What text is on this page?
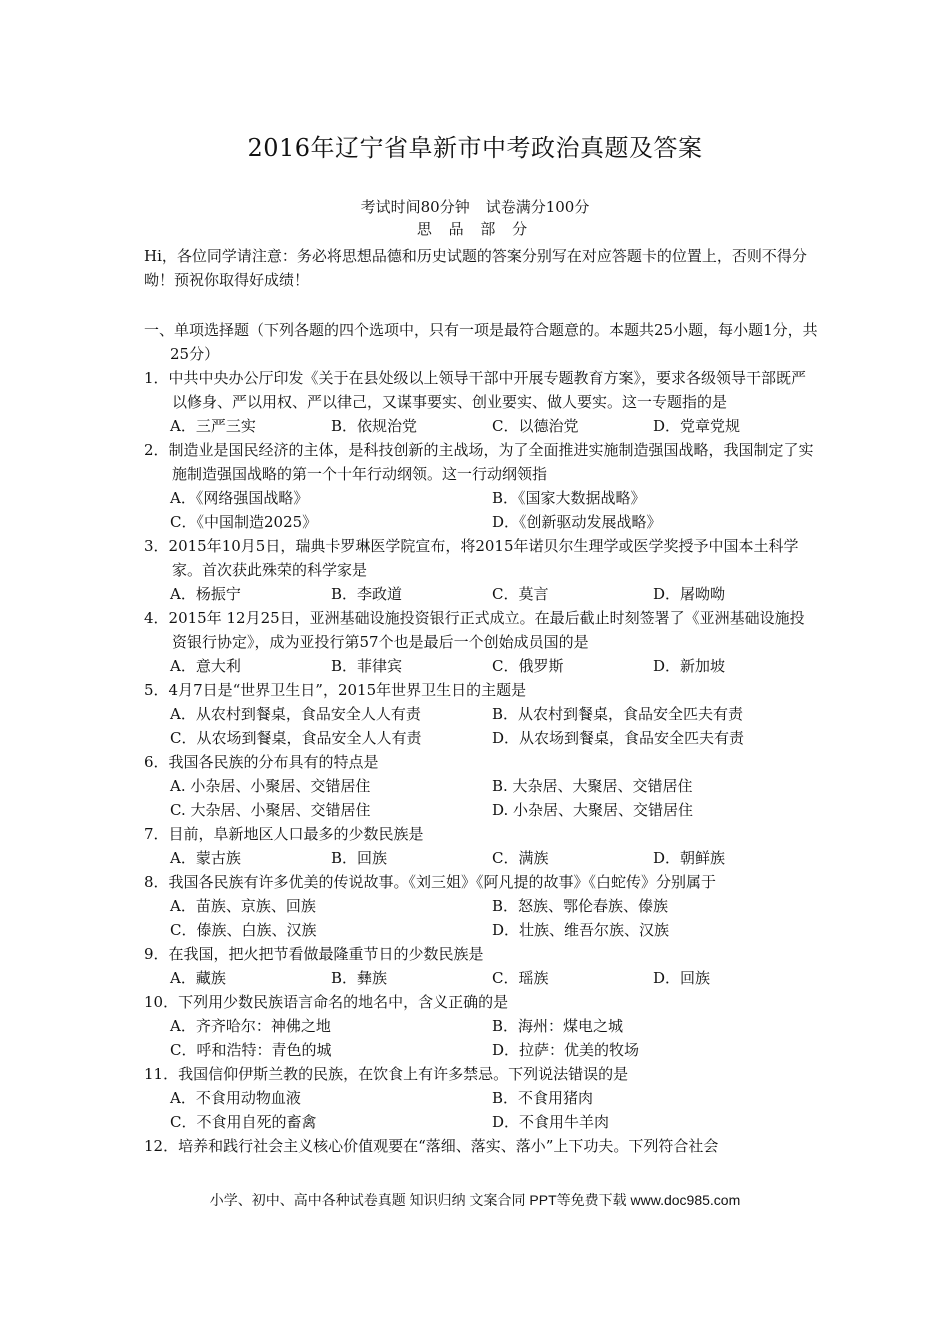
2016年辽宁省阜新市中考政治真题及答案
考试时间80分钟 试卷满分100分
思 品 部 分
Hi，各位同学请注意：务必将思想品德和历史试题的答案分别写在对应答题卡的位置上，否则不得分呦！预祝你取得好成绩！
一、单项选择题（下列各题的四个选项中，只有一项是最符合题意的。本题共25小题，每小题1分，共25分）
1．中共中央办公厅印发《关于在县处级以上领导干部中开展专题教育方案》，要求各级领导干部既严以修身、严以用权、严以律己，又谋事要实、创业要实、做人要实。这一专题指的是
A．三严三实	B．依规治党	C．以德治党	D．党章党规
2．制造业是国民经济的主体，是科技创新的主战场，为了全面推进实施制造强国战略，我国制定了实施制造强国战略的第一个十年行动纲领。这一行动纲领指
A．《网络强国战略》	B．《国家大数据战略》
C．《中国制造2025》	D．《创新驱动发展战略》
3．2015年10月5日，瑞典卡罗琳医学院宣布，将2015年诺贝尔生理学或医学奖授予中国本土科学家。首次获此殊荣的科学家是
A．杨振宁	B．李政道	C．莫言	D．屠呦呦
4．2015年 12月25日，亚洲基础设施投资银行正式成立。在最后截止时刻签署了《亚洲基础设施投资银行协定》，成为亚投行第57个也是最后一个创始成员国的是
A．意大利	B．菲律宾	C．俄罗斯	D．新加坡
5．4月7日是“世界卫生日”，2015年世界卫生日的主题是
A．从农村到餐桌，食品安全人人有责	B．从农村到餐桌，食品安全匹夫有责
C．从农场到餐桌，食品安全人人有责	D．从农场到餐桌，食品安全匹夫有责
6．我国各民族的分布具有的特点是
A. 小杂居、小聚居、交错居住	B. 大杂居、大聚居、交错居住
C. 大杂居、小聚居、交错居住	D. 小杂居、大聚居、交错居住
7．目前，阜新地区人口最多的少数民族是
A．蒙古族	B．回族	C．满族	D．朝鲜族
8．我国各民族有许多优美的传说故事。《刘三姐》《阿凡提的故事》《白蛇传》分别属于
A．苗族、京族、回族	B．怒族、鄂伦春族、傣族
C．傣族、白族、汉族	D．壮族、维吾尔族、汉族
9．在我国，把火把节看做最隆重节日的少数民族是
A．藏族	B．彝族	C．瑶族	D．回族
10．下列用少数民族语言命名的地名中，含义正确的是
A．齐齐哈尔：神佛之地	B．海州：煤电之城
C．呼和浩特：青色的城	D．拉萨：优美的牧场
11．我国信仰伊斯兰教的民族，在饮食上有许多禁忌。下列说法错误的是
A．不食用动物血液	B．不食用猪肉
C．不食用自死的畜禽	D．不食用牛羊肉
12．培养和践行社会主义核心价值观要在“落细、落实、落小”上下功夫。下列符合社会
小学、初中、高中各种试卷真题 知识归纳 文案合同 PPT等免费下载 www.doc985.com
